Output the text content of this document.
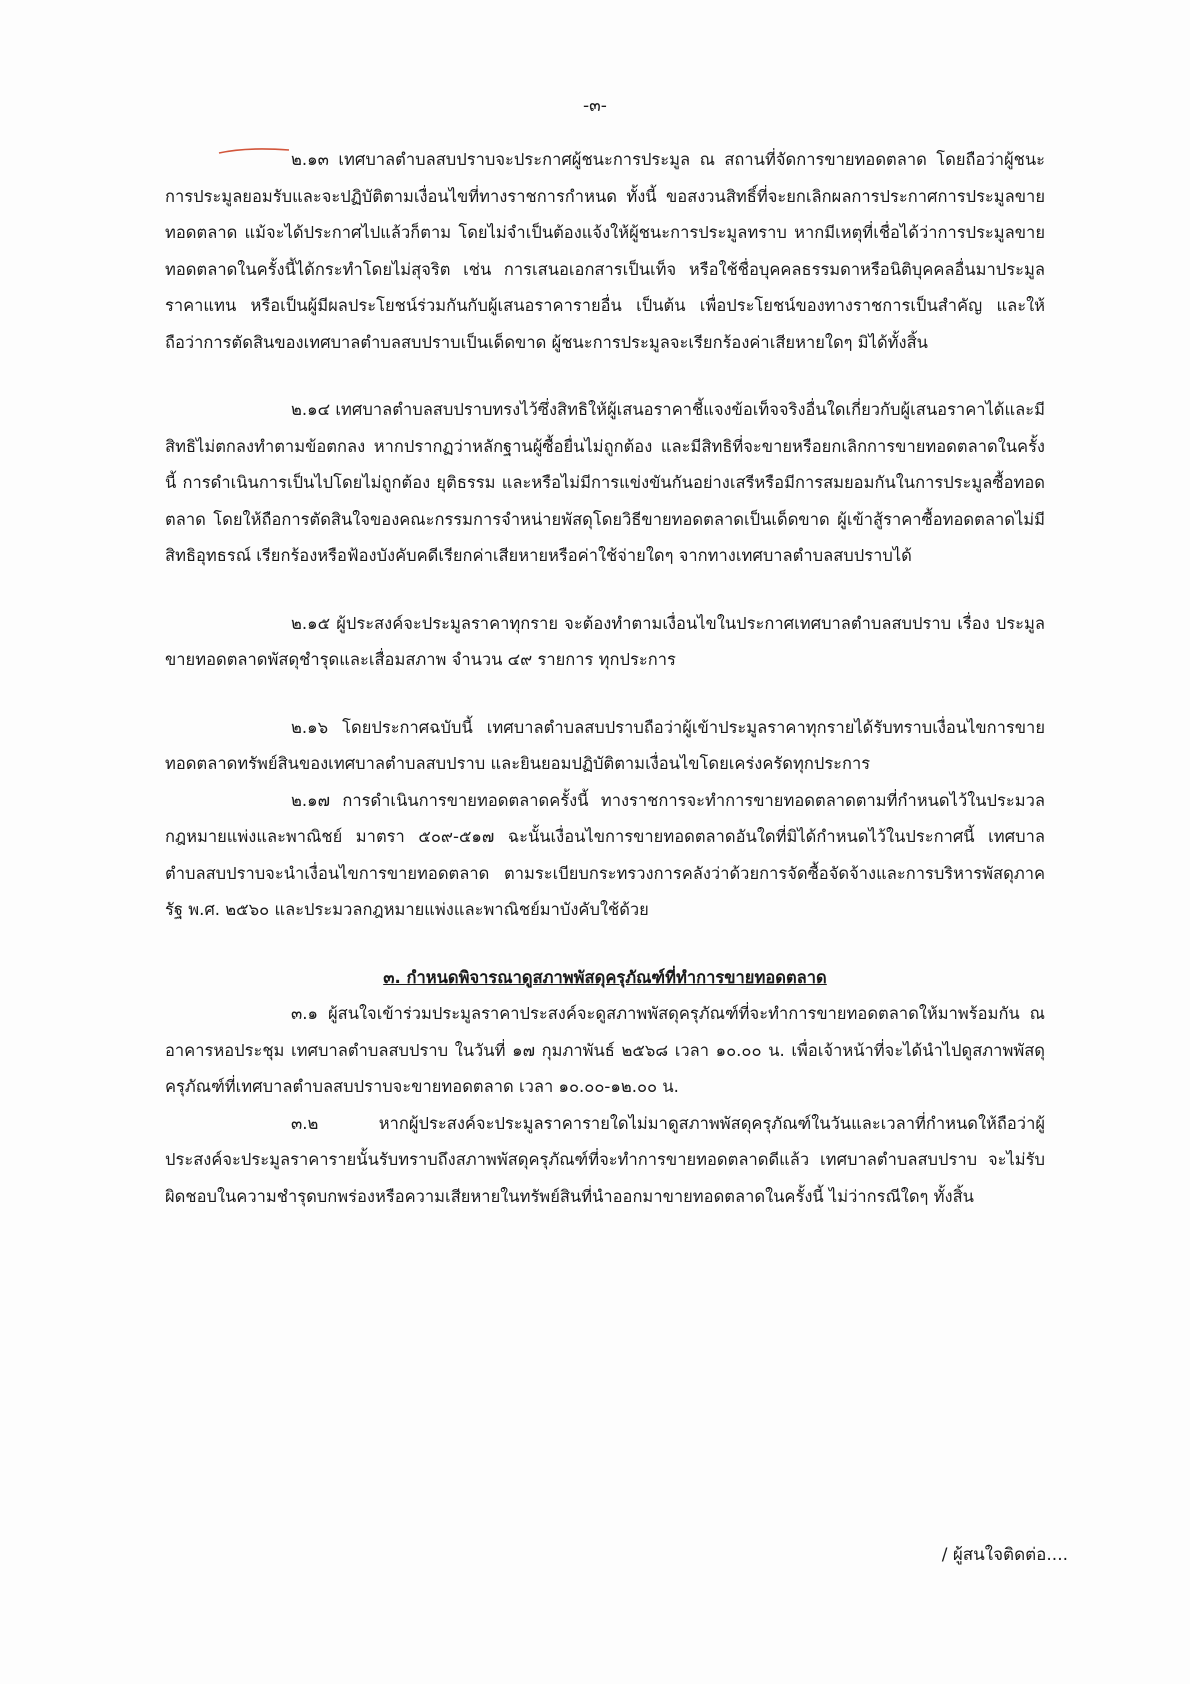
-๓-

๒.๑๓ เทศบาลตำบลสบปราบจะประกาศผู้ชนะการประมูล ณ สถานที่จัดการขายทอดตลาด โดยถือว่าผู้ชนะการประมูลยอมรับและจะปฏิบัติตามเงื่อนไขที่ทางราชการกำหนด ทั้งนี้ ขอสงวนสิทธิ์ที่จะยกเลิกผลการประกาศการประมูลขายทอดตลาด แม้จะได้ประกาศไปแล้วก็ตาม โดยไม่จำเป็นต้องแจ้งให้ผู้ชนะการประมูลทราบ หากมีเหตุที่เชื่อได้ว่าการประมูลขายทอดตลาดในครั้งนี้ได้กระทำโดยไม่สุจริต เช่น การเสนอเอกสารเป็นเท็จ หรือใช้ชื่อบุคคลธรรมดาหรือนิติบุคคลอื่นมาประมูลราคาแทน หรือเป็นผู้มีผลประโยชน์ร่วมกันกับผู้เสนอราคารายอื่น เป็นต้น เพื่อประโยชน์ของทางราชการเป็นสำคัญ และให้ถือว่าการตัดสินของเทศบาลตำบลสบปราบเป็นเด็ดขาด ผู้ชนะการประมูลจะเรียกร้องค่าเสียหายใดๆ มิได้ทั้งสิ้น

๒.๑๔ เทศบาลตำบลสบปราบทรงไว้ซึ่งสิทธิให้ผู้เสนอราคาชี้แจงข้อเท็จจริงอื่นใดเกี่ยวกับผู้เสนอราคาได้และมีสิทธิไม่ตกลงทำตามข้อตกลง หากปรากฏว่าหลักฐานผู้ซื้อยื่นไม่ถูกต้อง และมีสิทธิที่จะขายหรือยกเลิกการขายทอดตลาดในครั้งนี้ การดำเนินการเป็นไปโดยไม่ถูกต้อง ยุติธรรม และหรือไม่มีการแข่งขันกันอย่างเสรีหรือมีการสมยอมกันในการประมูลซื้อทอดตลาด โดยให้ถือการตัดสินใจของคณะกรรมการจำหน่ายพัสดุโดยวิธีขายทอดตลาดเป็นเด็ดขาด ผู้เข้าสู้ราคาซื้อทอดตลาดไม่มีสิทธิอุทธรณ์ เรียกร้องหรือฟ้องบังคับคดีเรียกค่าเสียหายหรือค่าใช้จ่ายใดๆ จากทางเทศบาลตำบลสบปราบได้

๒.๑๕ ผู้ประสงค์จะประมูลราคาทุกราย จะต้องทำตามเงื่อนไขในประกาศเทศบาลตำบลสบปราบ เรื่อง ประมูลขายทอดตลาดพัสดุชำรุดและเสื่อมสภาพ จำนวน ๔๙ รายการ ทุกประการ

๒.๑๖ โดยประกาศฉบับนี้ เทศบาลตำบลสบปราบถือว่าผู้เข้าประมูลราคาทุกรายได้รับทราบเงื่อนไขการขายทอดตลาดทรัพย์สินของเทศบาลตำบลสบปราบ และยินยอมปฏิบัติตามเงื่อนไขโดยเคร่งครัดทุกประการ

๒.๑๗ การดำเนินการขายทอดตลาดครั้งนี้ ทางราชการจะทำการขายทอดตลาดตามที่กำหนดไว้ในประมวลกฎหมายแพ่งและพาณิชย์ มาตรา ๕๐๙-๕๑๗ ฉะนั้นเงื่อนไขการขายทอดตลาดอันใดที่มิได้กำหนดไว้ในประกาศนี้ เทศบาลตำบลสบปราบจะนำเงื่อนไขการขายทอดตลาด ตามระเบียบกระทรวงการคลังว่าด้วยการจัดซื้อจัดจ้างและการบริหารพัสดุภาครัฐ พ.ศ. ๒๕๖๐ และประมวลกฎหมายแพ่งและพาณิชย์มาบังคับใช้ด้วย

๓. กำหนดพิจารณาดูสภาพพัสดุครุภัณฑ์ที่ทำการขายทอดตลาด

๓.๑ ผู้สนใจเข้าร่วมประมูลราคาประสงค์จะดูสภาพพัสดุครุภัณฑ์ที่จะทำการขายทอดตลาดให้มาพร้อมกัน ณ อาคารหอประชุม เทศบาลตำบลสบปราบ ในวันที่ ๑๗ กุมภาพันธ์ ๒๕๖๘ เวลา ๑๐.๐๐ น. เพื่อเจ้าหน้าที่จะได้นำไปดูสภาพพัสดุครุภัณฑ์ที่เทศบาลตำบลสบปราบจะขายทอดตลาด เวลา ๑๐.๐๐-๑๒.๐๐ น.

๓.๒ หากผู้ประสงค์จะประมูลราคารายใดไม่มาดูสภาพพัสดุครุภัณฑ์ในวันและเวลาที่กำหนดให้ถือว่าผู้ประสงค์จะประมูลราคารายนั้นรับทราบถึงสภาพพัสดุครุภัณฑ์ที่จะทำการขายทอดตลาดดีแล้ว เทศบาลตำบลสบปราบ จะไม่รับผิดชอบในความชำรุดบกพร่องหรือความเสียหายในทรัพย์สินที่นำออกมาขายทอดตลาดในครั้งนี้ ไม่ว่ากรณีใดๆ ทั้งสิ้น

/ ผู้สนใจติดต่อ....
